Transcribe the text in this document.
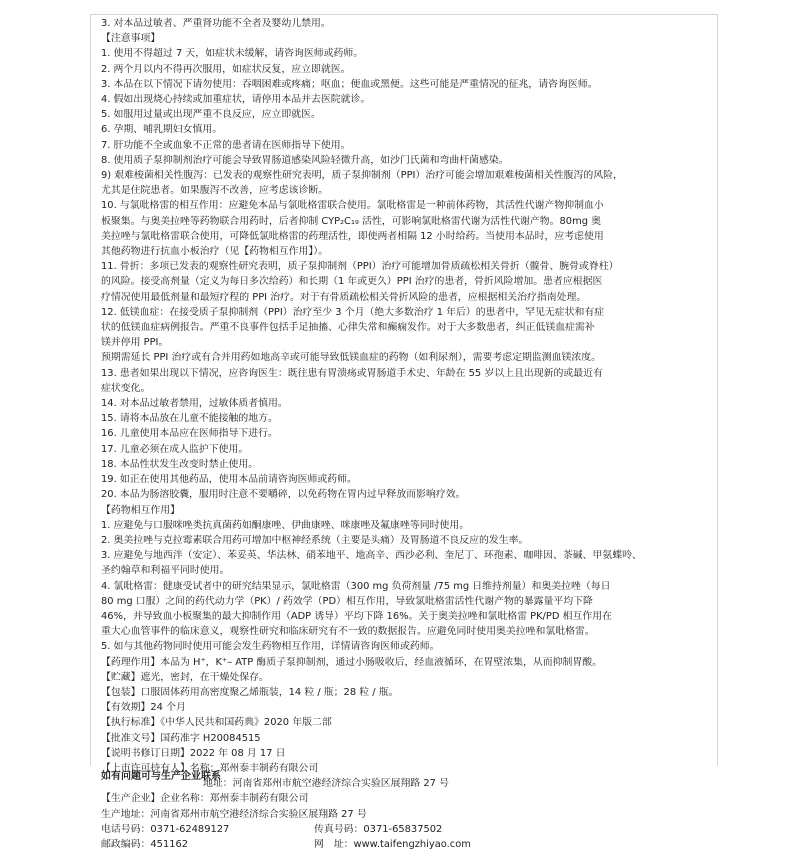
3. 对本品过敏者、严重肾功能不全者及婴幼儿禁用。

【注意事项】

1. 使用不得超过 7 天，如症状未缓解，请咨询医师或药师。

2. 两个月以内不得再次服用，如症状反复，应立即就医。

3. 本品在以下情况下请勿使用：吞咽困难或疼痛；呕血；便血或黑便。这些可能是严重情况的征兆，请咨询医师。

4. 假如出现烧心持续或加重症状，请停用本品并去医院就诊。

5. 如服用过量或出现严重不良反应，应立即就医。

6. 孕期、哺乳期妇女慎用。

7. 肝功能不全或血象不正常的患者请在医师指导下使用。

8. 使用质子泵抑制剂治疗可能会导致胃肠道感染风险轻微升高，如沙门氏菌和弯曲杆菌感染。

9) 艰难梭菌相关性腹泻：已发表的观察性研究表明，质子泵抑制剂（PPI）治疗可能会增加艰难梭菌相关性腹泻的风险，

尤其是住院患者。如果腹泻不改善，应考虑该诊断。

10. 与氯吡格雷的相互作用：应避免本品与氯吡格雷联合使用。氯吡格雷是一种前体药物，其活性代谢产物抑制血小

板聚集。与奥美拉唑等药物联合用药时，后者抑制 CYP₂C₁₉ 活性，可影响氯吡格雷代谢为活性代谢产物。80mg 奥

美拉唑与氯吡格雷联合使用，可降低氯吡格雷的药理活性，即使两者相隔 12 小时给药。当使用本品时，应考虑使用

其他药物进行抗血小板治疗（见【药物相互作用】）。

11. 骨折：多项已发表的观察性研究表明，质子泵抑制剂（PPI）治疗可能增加骨质疏松相关骨折（髋骨、腕骨或脊柱）

的风险。接受高剂量（定义为每日多次给药）和长期（1 年或更久）PPI 治疗的患者，骨折风险增加。患者应根据医

疗情况使用最低剂量和最短疗程的 PPI 治疗。对于有骨质疏松相关骨折风险的患者，应根据相关治疗指南处理。

12. 低镁血症：在接受质子泵抑制剂（PPI）治疗至少 3 个月（绝大多数治疗 1 年后）的患者中，罕见无症状和有症

状的低镁血症病例报告。严重不良事件包括手足抽搐、心律失常和癫痫发作。对于大多数患者，纠正低镁血症需补

镁并停用 PPI。

预期需延长 PPI 治疗或有合并用药如地高辛或可能导致低镁血症的药物（如利尿剂），需要考虑定期监测血镁浓度。

13. 患者如果出现以下情况，应咨询医生：既往患有胃溃疡或胃肠道手术史、年龄在 55 岁以上且出现新的或最近有

症状变化。

14. 对本品过敏者禁用，过敏体质者慎用。

15. 请将本品放在儿童不能接触的地方。

16. 儿童使用本品应在医师指导下进行。

17. 儿童必须在成人监护下使用。

18. 本品性状发生改变时禁止使用。

19. 如正在使用其他药品，使用本品前请咨询医师或药师。

20. 本品为肠溶胶囊，服用时注意不要嚼碎，以免药物在胃内过早释放而影响疗效。

【药物相互作用】

1. 应避免与口服咪唑类抗真菌药如酮康唑、伊曲康唑、咪康唑及氟康唑等同时使用。

2. 奥美拉唑与克拉霉素联合用药可增加中枢神经系统（主要是头痛）及胃肠道不良反应的发生率。

3. 应避免与地西泮（安定）、苯妥英、华法林、硝苯地平、地高辛、西沙必利、奎尼丁、环孢素、咖啡因、茶碱、甲氨蝶呤、

圣约翰草和利福平同时使用。

4. 氯吡格雷：健康受试者中的研究结果显示，氯吡格雷（300 mg 负荷剂量 /75 mg 日维持剂量）和奥美拉唑（每日

80 mg 口服）之间的药代动力学（PK）/ 药效学（PD）相互作用，导致氯吡格雷活性代谢产物的暴露量平均下降

46%，并导致血小板聚集的最大抑制作用（ADP 诱导）平均下降 16%。关于奥美拉唑和氯吡格雷 PK/PD 相互作用在

重大心血管事件的临床意义，观察性研究和临床研究有不一致的数据报告。应避免同时使用奥美拉唑和氯吡格雷。

5. 如与其他药物同时使用可能会发生药物相互作用，详情请咨询医师或药师。

【药理作用】本品为 H⁺，K⁺– ATP 酶质子泵抑制剂，通过小肠吸收后，经血液循环，在胃壁浓集，从而抑制胃酸。

【贮藏】遮光，密封，在干燥处保存。

【包装】口服固体药用高密度聚乙烯瓶装，14 粒 / 瓶；28 粒 / 瓶。

【有效期】24 个月

【执行标准】《中华人民共和国药典》2020 年版二部

【批准文号】国药准字 H20084515

【说明书修订日期】2022 年 08 月 17 日

【上市许可持有人】名称：郑州泰丰制药有限公司

地址：河南省郑州市航空港经济综合实验区展翔路 27 号

【生产企业】企业名称：郑州泰丰制药有限公司

生产地址：河南省郑州市航空港经济综合实验区展翔路 27 号

电话号码：0371-62489127	传真号码：0371-65837502

邮政编码：451162	网　址：www.taifengzhiyao.com

如有问题可与生产企业联系
